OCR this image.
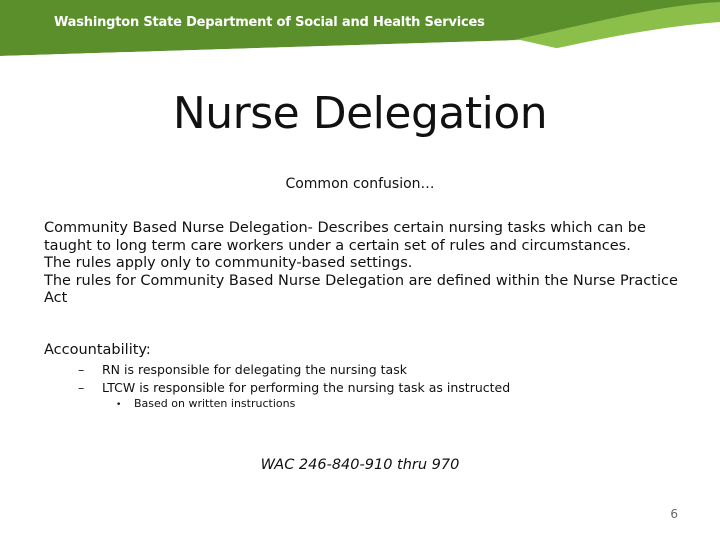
Washington State Department of Social and Health Services
Nurse Delegation
Common confusion…

Community Based Nurse Delegation- Describes certain nursing tasks which can be taught to long term care workers under a certain set of rules and circumstances.

The rules apply only to community-based settings.

The rules for Community Based Nurse Delegation are defined within the Nurse Practice Act

Accountability:
– RN is responsible for delegating the nursing task
– LTCW is responsible for performing the nursing task as instructed
• Based on written instructions
WAC 246-840-910 thru 970
6
